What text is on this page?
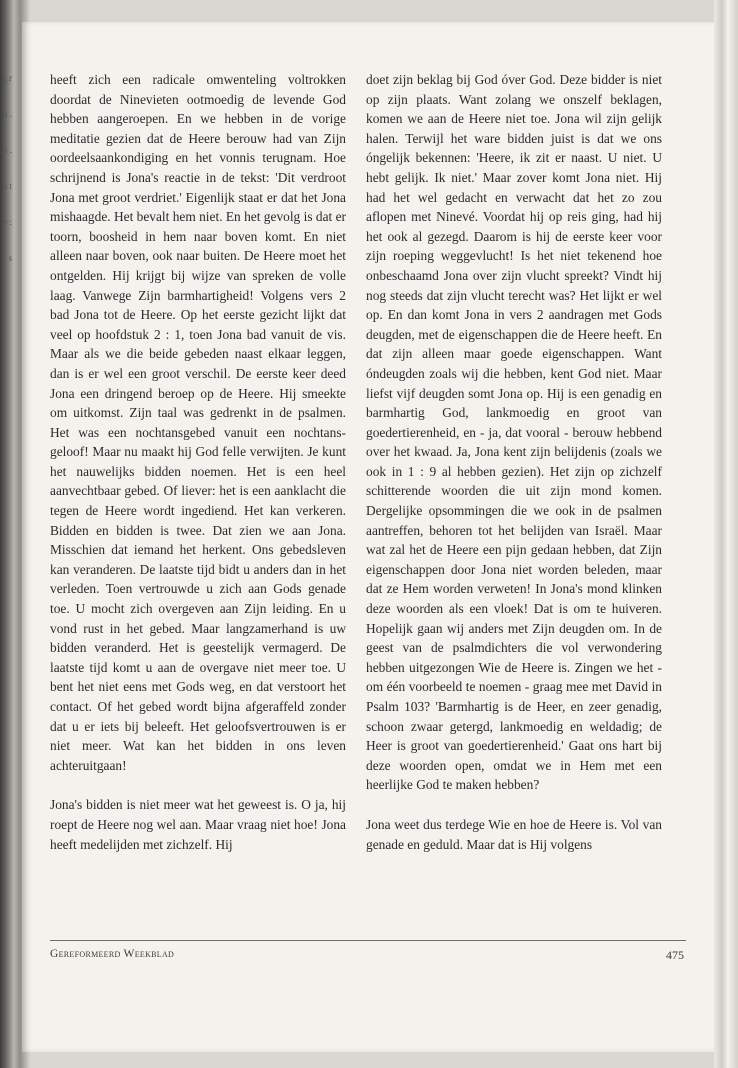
g r n . t . n t e : s

heeft zich een radicale omwenteling voltrokken doordat de Ninevieten ootmoedig de levende God hebben aangeroepen. En we hebben in de vorige meditatie gezien dat de Heere berouw had van Zijn oordeelsaankondiging en het vonnis terugnam. Hoe schrijnend is Jona's reactie in de tekst: 'Dit verdroot Jona met groot verdriet.' Eigenlijk staat er dat het Jona mishaagde. Het bevalt hem niet. En het gevolg is dat er toorn, boosheid in hem naar boven komt. En niet alleen naar boven, ook naar buiten. De Heere moet het ontgelden. Hij krijgt bij wijze van spreken de volle laag. Vanwege Zijn barmhartigheid! Volgens vers 2 bad Jona tot de Heere. Op het eerste gezicht lijkt dat veel op hoofdstuk 2 : 1, toen Jona bad vanuit de vis. Maar als we die beide gebeden naast elkaar leggen, dan is er wel een groot verschil. De eerste keer deed Jona een dringend beroep op de Heere. Hij smeekte om uitkomst. Zijn taal was gedrenkt in de psalmen. Het was een nochtansgebed vanuit een nochtans-geloof! Maar nu maakt hij God felle verwijten. Je kunt het nauwelijks bidden noemen. Het is een heel aanvechtbaar gebed. Of liever: het is een aanklacht die tegen de Heere wordt ingediend. Het kan verkeren. Bidden en bidden is twee. Dat zien we aan Jona. Misschien dat iemand het herkent. Ons gebedsleven kan veranderen. De laatste tijd bidt u anders dan in het verleden. Toen vertrouwde u zich aan Gods genade toe. U mocht zich overgeven aan Zijn leiding. En u vond rust in het gebed. Maar langzamerhand is uw bidden veranderd. Het is geestelijk vermagerd. De laatste tijd komt u aan de overgave niet meer toe. U bent het niet eens met Gods weg, en dat verstoort het contact. Of het gebed wordt bijna afgeraffeld zonder dat u er iets bij beleeft. Het geloofsvertrouwen is er niet meer. Wat kan het bidden in ons leven achteruitgaan!

Jona's bidden is niet meer wat het geweest is. O ja, hij roept de Heere nog wel aan. Maar vraag niet hoe! Jona heeft medelijden met zichzelf. Hij

doet zijn beklag bij God óver God. Deze bidder is niet op zijn plaats. Want zolang we onszelf beklagen, komen we aan de Heere niet toe. Jona wil zijn gelijk halen. Terwijl het ware bidden juist is dat we ons óngelijk bekennen: 'Heere, ik zit er naast. U niet. U hebt gelijk. Ik niet.' Maar zover komt Jona niet. Hij had het wel gedacht en verwacht dat het zo zou aflopen met Ninevé. Voordat hij op reis ging, had hij het ook al gezegd. Daarom is hij de eerste keer voor zijn roeping weggevlucht! Is het niet tekenend hoe onbeschaamd Jona over zijn vlucht spreekt? Vindt hij nog steeds dat zijn vlucht terecht was? Het lijkt er wel op. En dan komt Jona in vers 2 aandragen met Gods deugden, met de eigenschappen die de Heere heeft. En dat zijn alleen maar goede eigenschappen. Want óndeugden zoals wij die hebben, kent God niet. Maar liefst vijf deugden somt Jona op. Hij is een genadig en barmhartig God, lankmoedig en groot van goedertierenheid, en - ja, dat vooral - berouw hebbend over het kwaad. Ja, Jona kent zijn belijdenis (zoals we ook in 1 : 9 al hebben gezien). Het zijn op zichzelf schitterende woorden die uit zijn mond komen. Dergelijke opsommingen die we ook in de psalmen aantreffen, behoren tot het belijden van Israël. Maar wat zal het de Heere een pijn gedaan hebben, dat Zijn eigenschappen door Jona niet worden beleden, maar dat ze Hem worden verweten! In Jona's mond klinken deze woorden als een vloek! Dat is om te huiveren. Hopelijk gaan wij anders met Zijn deugden om. In de geest van de psalmdichters die vol verwondering hebben uitgezongen Wie de Heere is. Zingen we het - om één voorbeeld te noemen - graag mee met David in Psalm 103? 'Barmhartig is de Heer, en zeer genadig, schoon zwaar getergd, lankmoedig en weldadig; de Heer is groot van goedertierenheid.' Gaat ons hart bij deze woorden open, omdat we in Hem met een heerlijke God te maken hebben?

Jona weet dus terdege Wie en hoe de Heere is. Vol van genade en geduld. Maar dat is Hij volgens

Gereformeerd Weekblad	475
